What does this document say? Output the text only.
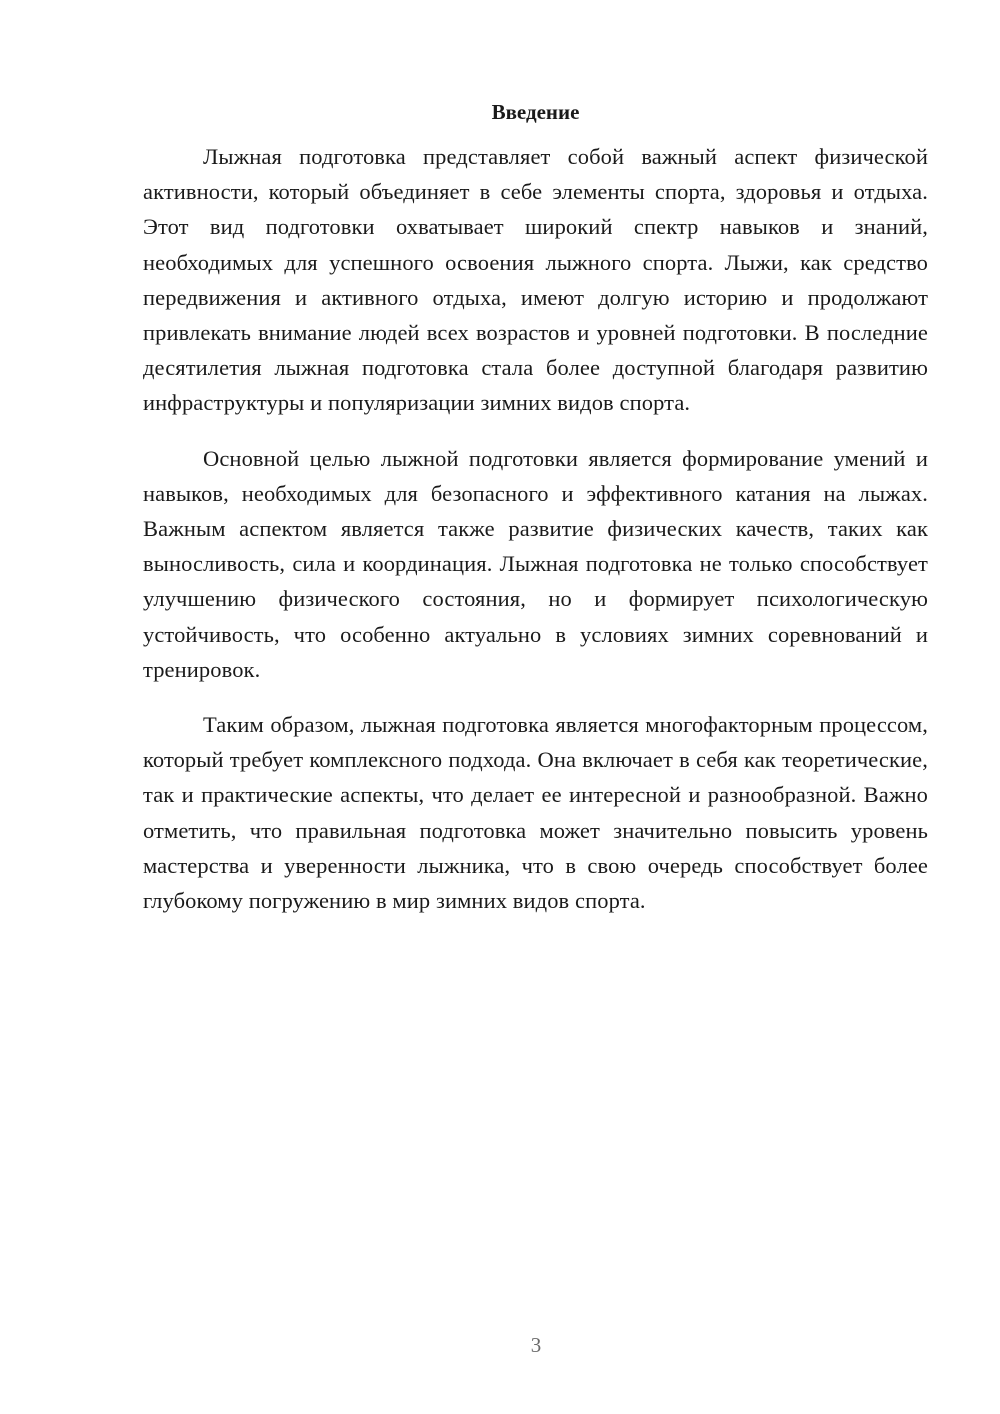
Введение

Лыжная подготовка представляет собой важный аспект физической активности, который объединяет в себе элементы спорта, здоровья и отдыха. Этот вид подготовки охватывает широкий спектр навыков и знаний, необходимых для успешного освоения лыжного спорта. Лыжи, как средство передвижения и активного отдыха, имеют долгую историю и продолжают привлекать внимание людей всех возрастов и уровней подготовки. В последние десятилетия лыжная подготовка стала более доступной благодаря развитию инфраструктуры и популяризации зимних видов спорта.

Основной целью лыжной подготовки является формирование умений и навыков, необходимых для безопасного и эффективного катания на лыжах. Важным аспектом является также развитие физических качеств, таких как выносливость, сила и координация. Лыжная подготовка не только способствует улучшению физического состояния, но и формирует психологическую устойчивость, что особенно актуально в условиях зимних соревнований и тренировок.

Таким образом, лыжная подготовка является многофакторным процессом, который требует комплексного подхода. Она включает в себя как теоретические, так и практические аспекты, что делает ее интересной и разнообразной. Важно отметить, что правильная подготовка может значительно повысить уровень мастерства и уверенности лыжника, что в свою очередь способствует более глубокому погружению в мир зимних видов спорта.

3
